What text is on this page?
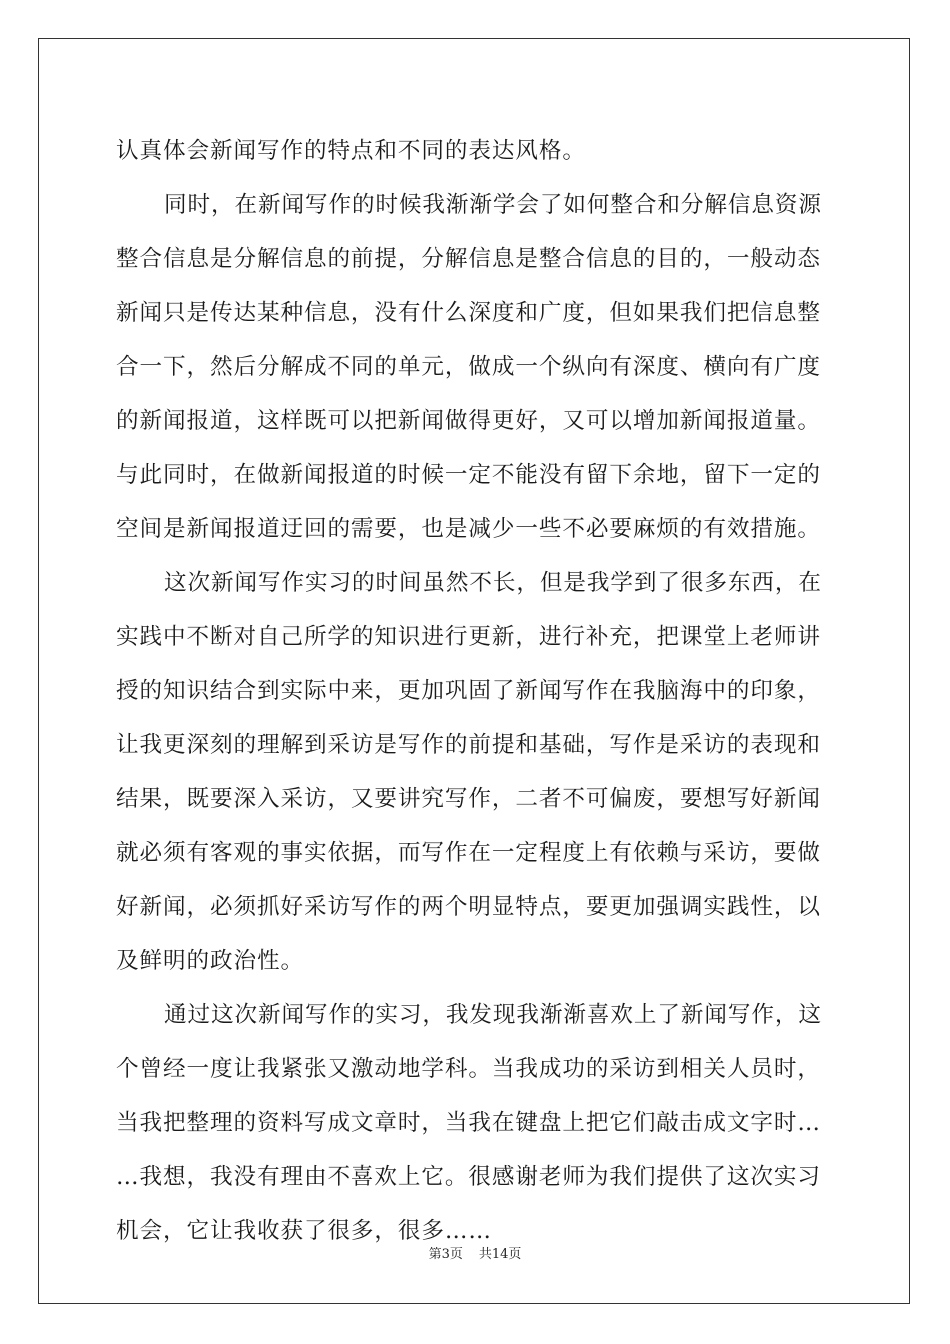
认真体会新闻写作的特点和不同的表达风格。
同时，在新闻写作的时候我渐渐学会了如何整合和分解信息资源
整合信息是分解信息的前提，分解信息是整合信息的目的，一般动态
新闻只是传达某种信息，没有什么深度和广度，但如果我们把信息整
合一下，然后分解成不同的单元，做成一个纵向有深度、横向有广度
的新闻报道，这样既可以把新闻做得更好，又可以增加新闻报道量。
与此同时，在做新闻报道的时候一定不能没有留下余地，留下一定的
空间是新闻报道迂回的需要，也是减少一些不必要麻烦的有效措施。
这次新闻写作实习的时间虽然不长，但是我学到了很多东西，在
实践中不断对自己所学的知识进行更新，进行补充，把课堂上老师讲
授的知识结合到实际中来，更加巩固了新闻写作在我脑海中的印象，
让我更深刻的理解到采访是写作的前提和基础，写作是采访的表现和
结果，既要深入采访，又要讲究写作，二者不可偏废，要想写好新闻
就必须有客观的事实依据，而写作在一定程度上有依赖与采访，要做
好新闻，必须抓好采访写作的两个明显特点，要更加强调实践性，以
及鲜明的政治性。
通过这次新闻写作的实习，我发现我渐渐喜欢上了新闻写作，这
个曾经一度让我紧张又激动地学科。当我成功的采访到相关人员时，
当我把整理的资料写成文章时，当我在键盘上把它们敲击成文字时…
…我想，我没有理由不喜欢上它。很感谢老师为我们提供了这次实习
机会，它让我收获了很多，很多……
第3页 共14页
